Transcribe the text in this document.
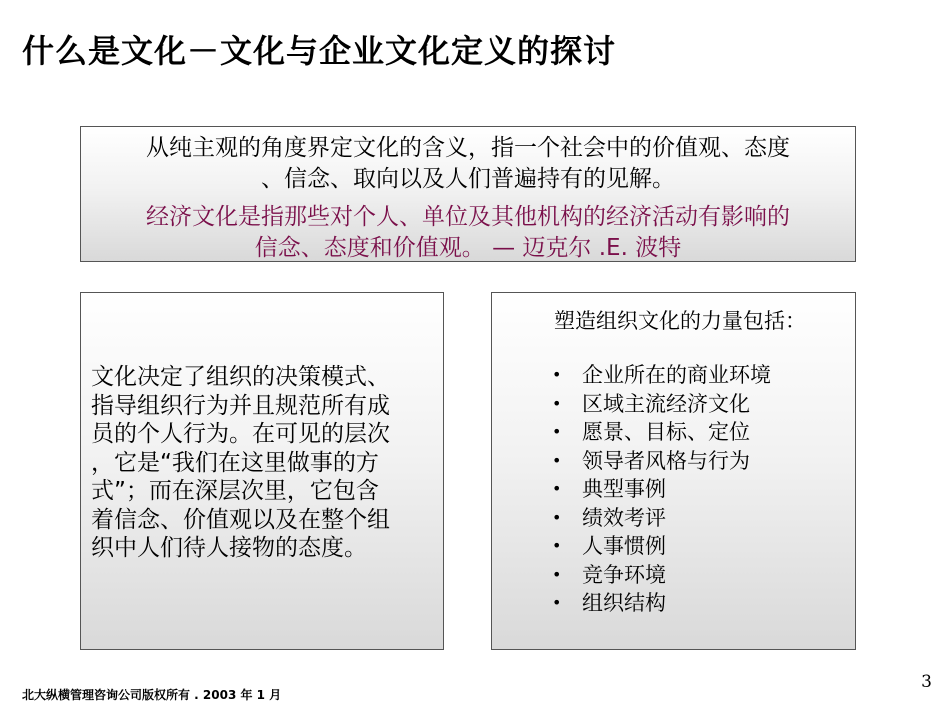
什么是文化－文化与企业文化定义的探讨
从纯主观的角度界定文化的含义，指一个社会中的价值观、态度
、信念、取向以及人们普遍持有的见解。
经济文化是指那些对个人、单位及其他机构的经济活动有影响的
信念、态度和价值观。 — 迈克尔 .E. 波特
文化决定了组织的决策模式、
指导组织行为并且规范所有成
员的个人行为。在可见的层次
，它是“我们在这里做事的方
式”；而在深层次里，它包含
着信念、价值观以及在整个组
织中人们待人接物的态度。
塑造组织文化的力量包括：
• 企业所在的商业环境
• 区域主流经济文化
• 愿景、目标、定位
• 领导者风格与行为
• 典型事例
• 绩效考评
• 人事惯例
• 竞争环境
• 组织结构
北大纵横管理咨询公司版权所有 . 2003 年 1 月
3
